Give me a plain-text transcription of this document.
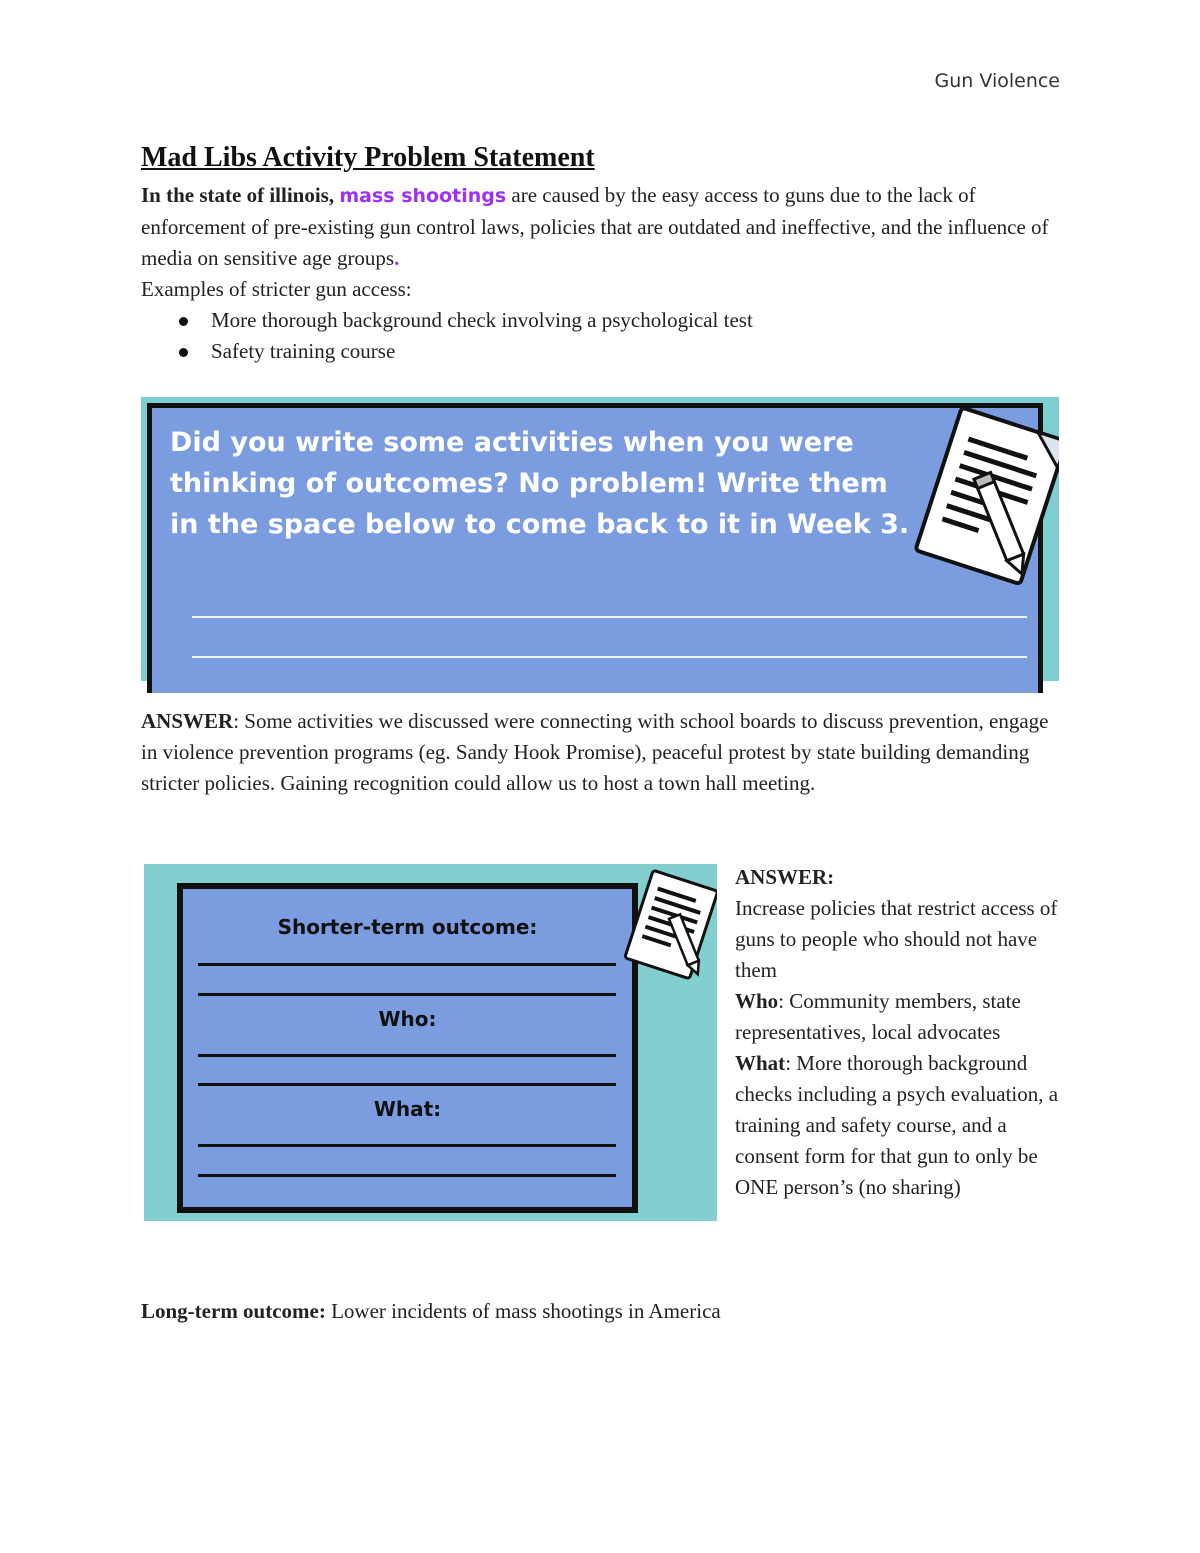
Gun Violence
Mad Libs Activity Problem Statement
In the state of illinois, mass shootings are caused by the easy access to guns due to the lack of enforcement of pre-existing gun control laws, policies that are outdated and ineffective, and the influence of media on sensitive age groups.
Examples of stricter gun access:
More thorough background check involving a psychological test
Safety training course
Did you write some activities when you were
thinking of outcomes? No problem! Write them
in the space below to come back to it in Week 3.
ANSWER: Some activities we discussed were connecting with school boards to discuss prevention, engage in violence prevention programs (eg. Sandy Hook Promise), peaceful protest by state building demanding stricter policies. Gaining recognition could allow us to host a town hall meeting.
Shorter-term outcome:
Who:
What:
ANSWER:
Increase policies that restrict access of guns to people who should not have them
Who: Community members, state representatives, local advocates
What: More thorough background checks including a psych evaluation, a training and safety course, and a consent form for that gun to only be ONE person’s (no sharing)
Long-term outcome: Lower incidents of mass shootings in America
